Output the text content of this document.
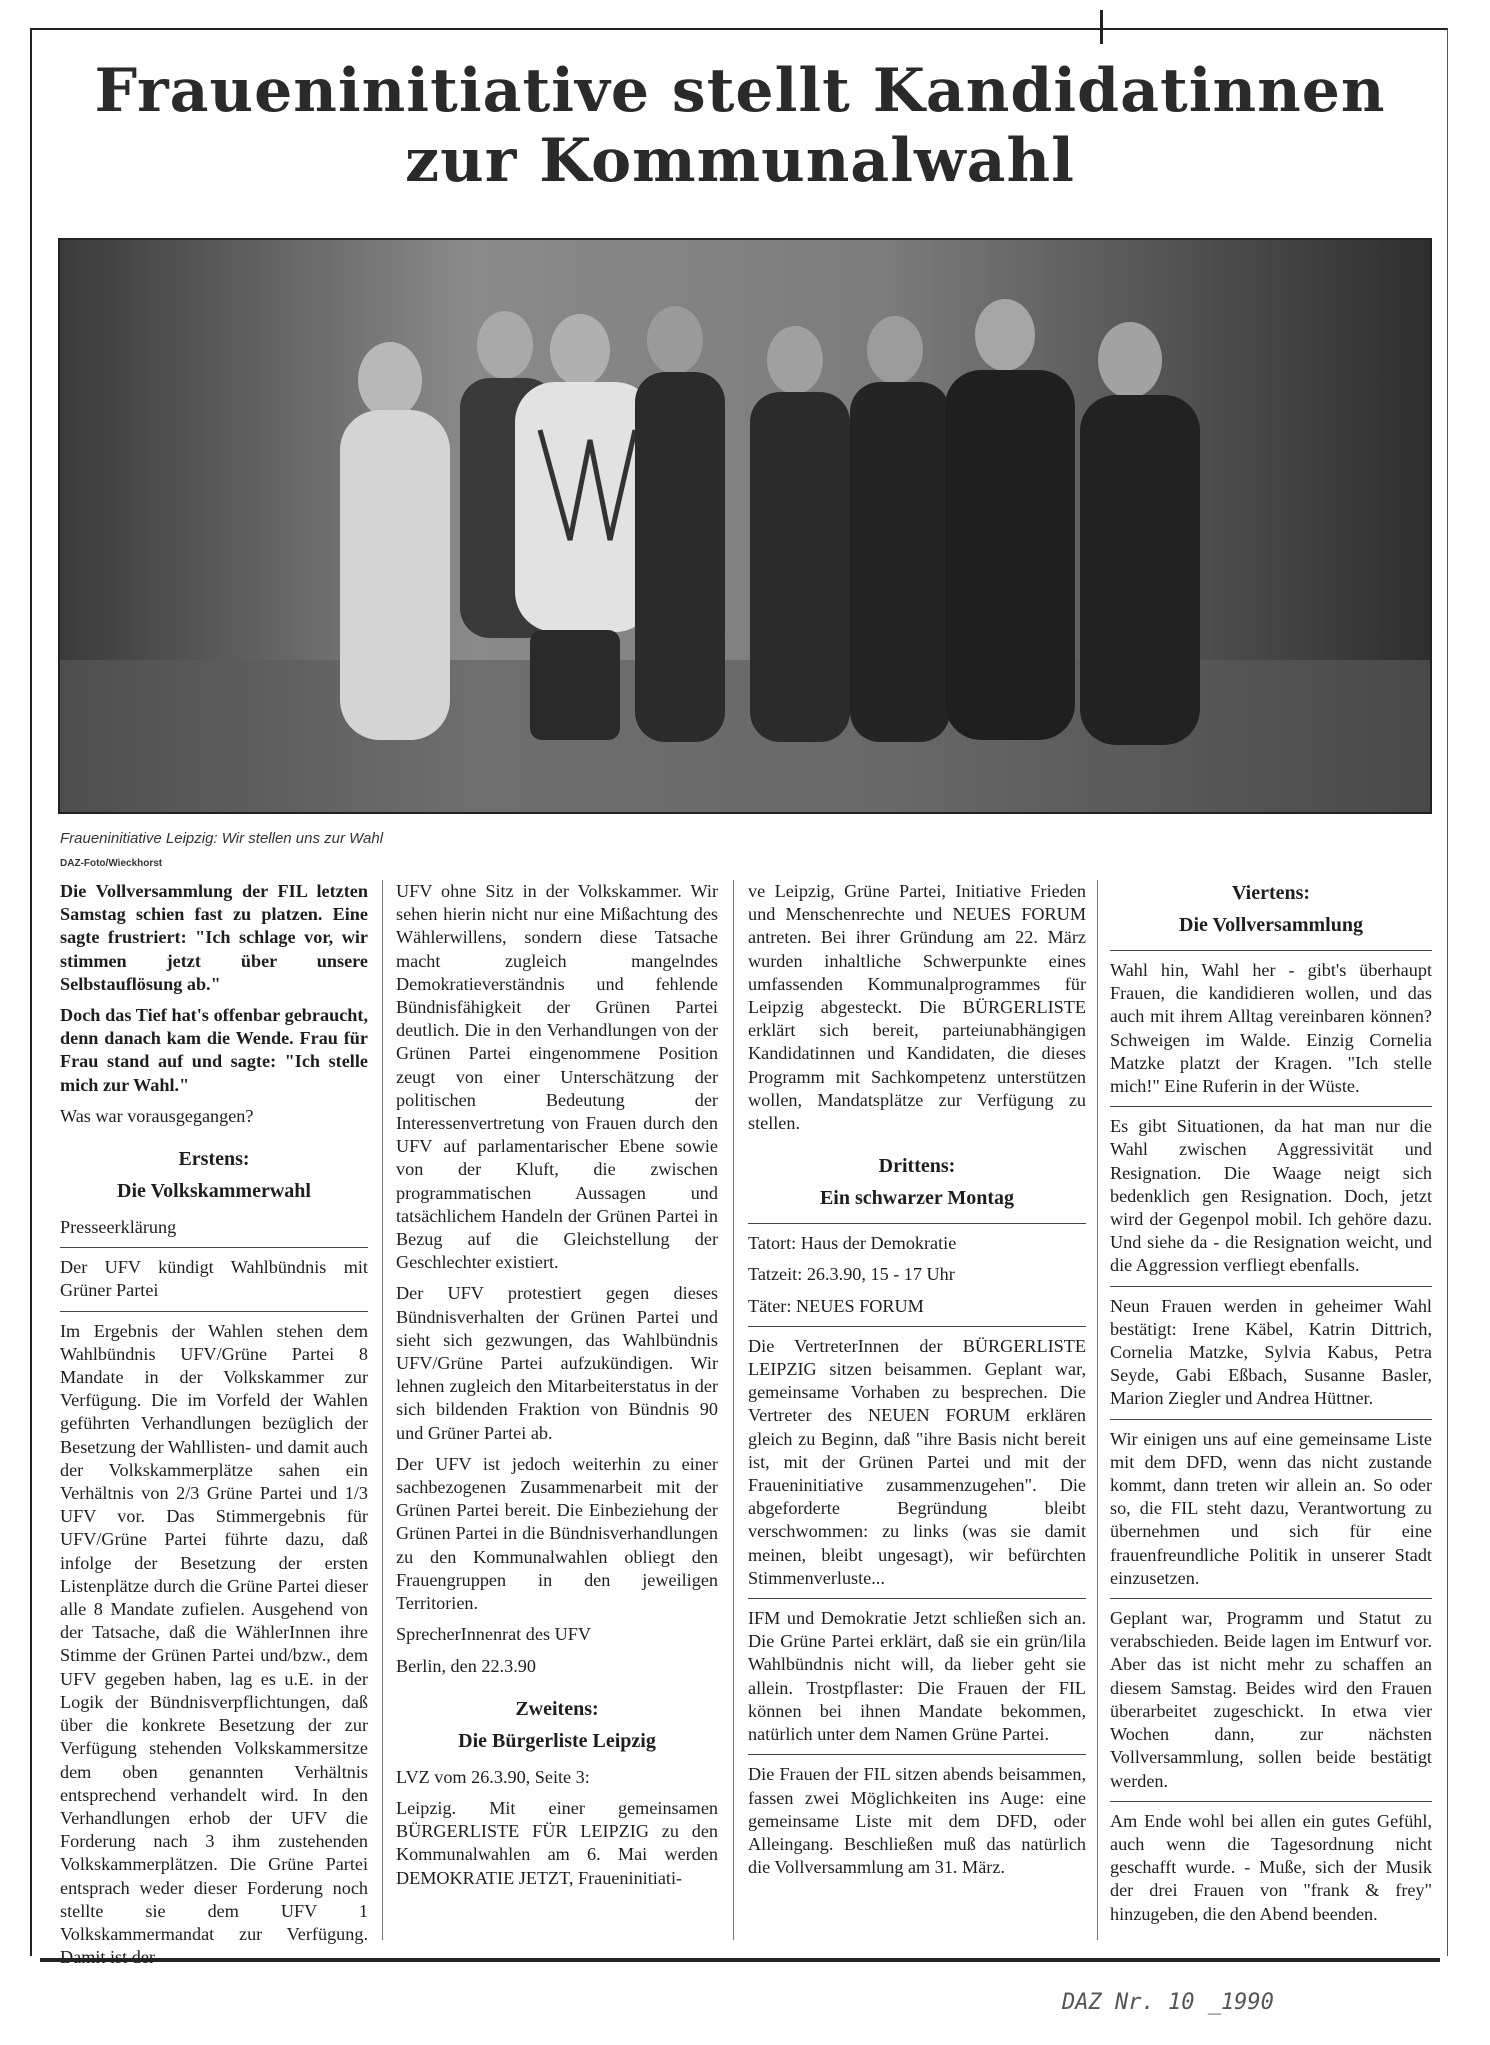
Fraueninitiative stellt Kandidatinnen
zur Kommunalwahl
Fraueninitiative Leipzig: Wir stellen uns zur Wahl
DAZ-Foto/Wieckhorst

Die Vollversammlung der FIL letzten Samstag schien fast zu platzen. Eine sagte frustriert: "Ich schlage vor, wir stimmen jetzt über unsere Selbstauflösung ab."

Doch das Tief hat's offenbar gebraucht, denn danach kam die Wende. Frau für Frau stand auf und sagte: "Ich stelle mich zur Wahl."

Was war vorausgegangen?

Erstens:
Die Volkskammerwahl

Presseerklärung

Der UFV kündigt Wahlbündnis mit Grüner Partei

Im Ergebnis der Wahlen stehen dem Wahlbündnis UFV/Grüne Partei 8 Mandate in der Volkskammer zur Verfügung. Die im Vorfeld der Wahlen geführten Verhandlungen bezüglich der Besetzung der Wahllisten- und damit auch der Volkskammerplätze sahen ein Verhältnis von 2/3 Grüne Partei und 1/3 UFV vor. Das Stimmergebnis für UFV/Grüne Partei führte dazu, daß infolge der Besetzung der ersten Listenplätze durch die Grüne Partei dieser alle 8 Mandate zufielen. Ausgehend von der Tatsache, daß die WählerInnen ihre Stimme der Grünen Partei und/bzw., dem UFV gegeben haben, lag es u.E. in der Logik der Bündnisverpflichtungen, daß über die konkrete Besetzung der zur Verfügung stehenden Volkskammersitze dem oben genannten Verhältnis entsprechend verhandelt wird. In den Verhandlungen erhob der UFV die Forderung nach 3 ihm zustehenden Volkskammerplätzen. Die Grüne Partei entsprach weder dieser Forderung noch stellte sie dem UFV 1 Volkskammermandat zur Verfügung.

UFV ohne Sitz in der Volkskammer. Wir sehen hierin nicht nur eine Mißachtung des Wählerwillens, sondern diese Tatsache macht zugleich mangelndes Demokratieverständnis und fehlende Bündnisfähigkeit der Grünen Partei deutlich. Die in den Verhandlungen von der Grünen Partei eingenommene Position zeugt von einer Unterschätzung der politischen Bedeutung der Interessenvertretung von Frauen durch den UFV auf parlamentarischer Ebene sowie von der Kluft, die zwischen programmatischen Aussagen und tatsächlichem Handeln der Grünen Partei in Bezug auf die Gleichstellung der Geschlechter existiert.

Der UFV protestiert gegen dieses Bündnisverhalten der Grünen Partei und sieht sich gezwungen, das Wahlbündnis UFV/Grüne Partei aufzukündigen. Wir lehnen zugleich den Mitarbeiterstatus in der sich bildenden Fraktion von Bündnis 90 und Grüner Partei ab.

Der UFV ist jedoch weiterhin zu einer sachbezogenen Zusammenarbeit mit der Grünen Partei bereit. Die Einbeziehung der Grünen Partei in die Bündnisverhandlungen zu den Kommunalwahlen obliegt den Frauengruppen in den jeweiligen Territorien.

SprecherInnenrat des UFV

Berlin, den 22.3.90

Zweitens:
Die Bürgerliste Leipzig

LVZ vom 26.3.90, Seite 3:

Leipzig. Mit einer gemeinsamen BÜRGERLISTE FÜR LEIPZIG zu den Kommunalwahlen am 6. Mai werden DEMOKRATIE JETZT, Fraueninitiati-

ve Leipzig, Grüne Partei, Initiative Frieden und Menschenrechte und NEUES FORUM antreten. Bei ihrer Gründung am 22. März wurden inhaltliche Schwerpunkte eines umfassenden Kommunalprogrammes für Leipzig abgesteckt. Die BÜRGERLISTE erklärt sich bereit, parteiunabhängigen Kandidatinnen und Kandidaten, die dieses Programm mit Sachkompetenz unterstützen wollen, Mandatsplätze zur Verfügung zu stellen.

Drittens:
Ein schwarzer Montag

Tatort: Haus der Demokratie

Tatzeit: 26.3.90, 15 - 17 Uhr

Täter: NEUES FORUM

Die VertreterInnen der BÜRGERLISTE LEIPZIG sitzen beisammen. Geplant war, gemeinsame Vorhaben zu besprechen. Die Vertreter des NEUEN FORUM erklären gleich zu Beginn, daß "ihre Basis nicht bereit ist, mit der Grünen Partei und mit der Fraueninitiative zusammenzugehen". Die abgeforderte Begründung bleibt verschwommen: zu links (was sie damit meinen, bleibt ungesagt), wir befürchten Stimmenverluste...

IFM und Demokratie Jetzt schließen sich an. Die Grüne Partei erklärt, daß sie ein grün/lila Wahlbündnis nicht will, da lieber geht sie allein. Trostpflaster: Die Frauen der FIL können bei ihnen Mandate bekommen, natürlich unter dem Namen Grüne Partei.

Die Frauen der FIL sitzen abends beisammen, fassen zwei Möglichkeiten ins Auge: eine gemeinsame Liste mit dem DFD, oder Alleingang. Beschließen muß das natürlich die Vollversammlung am 31. März.

Viertens:
Die Vollversammlung

Wahl hin, Wahl her - gibt's überhaupt Frauen, die kandidieren wollen, und das auch mit ihrem Alltag vereinbaren können? Schweigen im Walde. Einzig Cornelia Matzke platzt der Kragen. "Ich stelle mich!" Eine Ruferin in der Wüste.

Es gibt Situationen, da hat man nur die Wahl zwischen Aggressivität und Resignation. Die Waage neigt sich bedenklich gen Resignation. Doch, jetzt wird der Gegenpol mobil. Ich gehöre dazu. Und siehe da - die Resignation weicht, und die Aggression verfliegt ebenfalls.

Neun Frauen werden in geheimer Wahl bestätigt: Irene Käbel, Katrin Dittrich, Cornelia Matzke, Sylvia Kabus, Petra Seyde, Gabi Eßbach, Susanne Basler, Marion Ziegler und Andrea Hüttner.

Wir einigen uns auf eine gemeinsame Liste mit dem DFD, wenn das nicht zustande kommt, dann treten wir allein an. So oder so, die FIL steht dazu, Verantwortung zu übernehmen und sich für eine frauenfreundliche Politik in unserer Stadt einzusetzen.

Geplant war, Programm und Statut zu verabschieden. Beide lagen im Entwurf vor. Aber das ist nicht mehr zu schaffen an diesem Samstag. Beides wird den Frauen überarbeitet zugeschickt. In etwa vier Wochen dann, zur nächsten Vollversammlung, sollen beide bestätigt werden.

Am Ende wohl bei allen ein gutes Gefühl, auch wenn die Tagesordnung nicht geschafft wurde. - Muße, sich der Musik der drei Frauen von "frank & frey" hinzugeben, die den Abend beenden.

DAZ Nr. 10 _1990
